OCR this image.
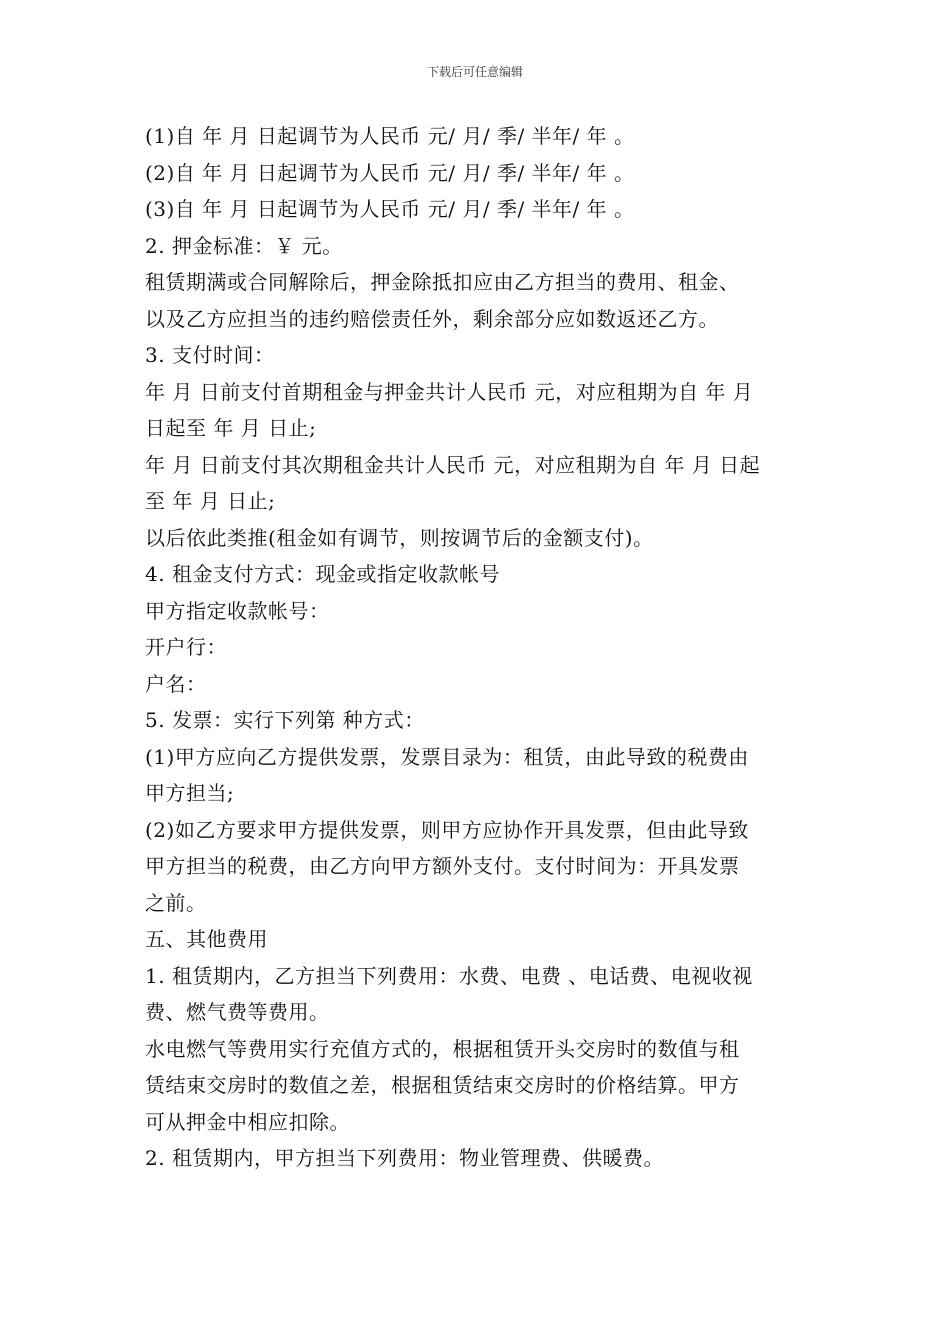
下载后可任意编辑
(1)自 年 月 日起调节为人民币 元/ 月/ 季/ 半年/ 年 。
(2)自 年 月 日起调节为人民币 元/ 月/ 季/ 半年/ 年 。
(3)自 年 月 日起调节为人民币 元/ 月/ 季/ 半年/ 年 。
2. 押金标准：￥ 元。
租赁期满或合同解除后，押金除抵扣应由乙方担当的费用、租金、
以及乙方应担当的违约赔偿责任外，剩余部分应如数返还乙方。
3. 支付时间：
年 月 日前支付首期租金与押金共计人民币 元，对应租期为自 年 月
日起至 年 月 日止;
年 月 日前支付其次期租金共计人民币 元，对应租期为自 年 月 日起
至 年 月 日止;
以后依此类推(租金如有调节，则按调节后的金额支付)。
4. 租金支付方式：现金或指定收款帐号
甲方指定收款帐号：
开户行：
户名：
5. 发票：实行下列第 种方式：
(1)甲方应向乙方提供发票，发票目录为：租赁，由此导致的税费由
甲方担当;
(2)如乙方要求甲方提供发票，则甲方应协作开具发票，但由此导致
甲方担当的税费，由乙方向甲方额外支付。支付时间为：开具发票
之前。
五、其他费用
1. 租赁期内，乙方担当下列费用：水费、电费 、电话费、电视收视
费、燃气费等费用。
水电燃气等费用实行充值方式的，根据租赁开头交房时的数值与租
赁结束交房时的数值之差，根据租赁结束交房时的价格结算。甲方
可从押金中相应扣除。
2. 租赁期内，甲方担当下列费用：物业管理费、供暖费。
